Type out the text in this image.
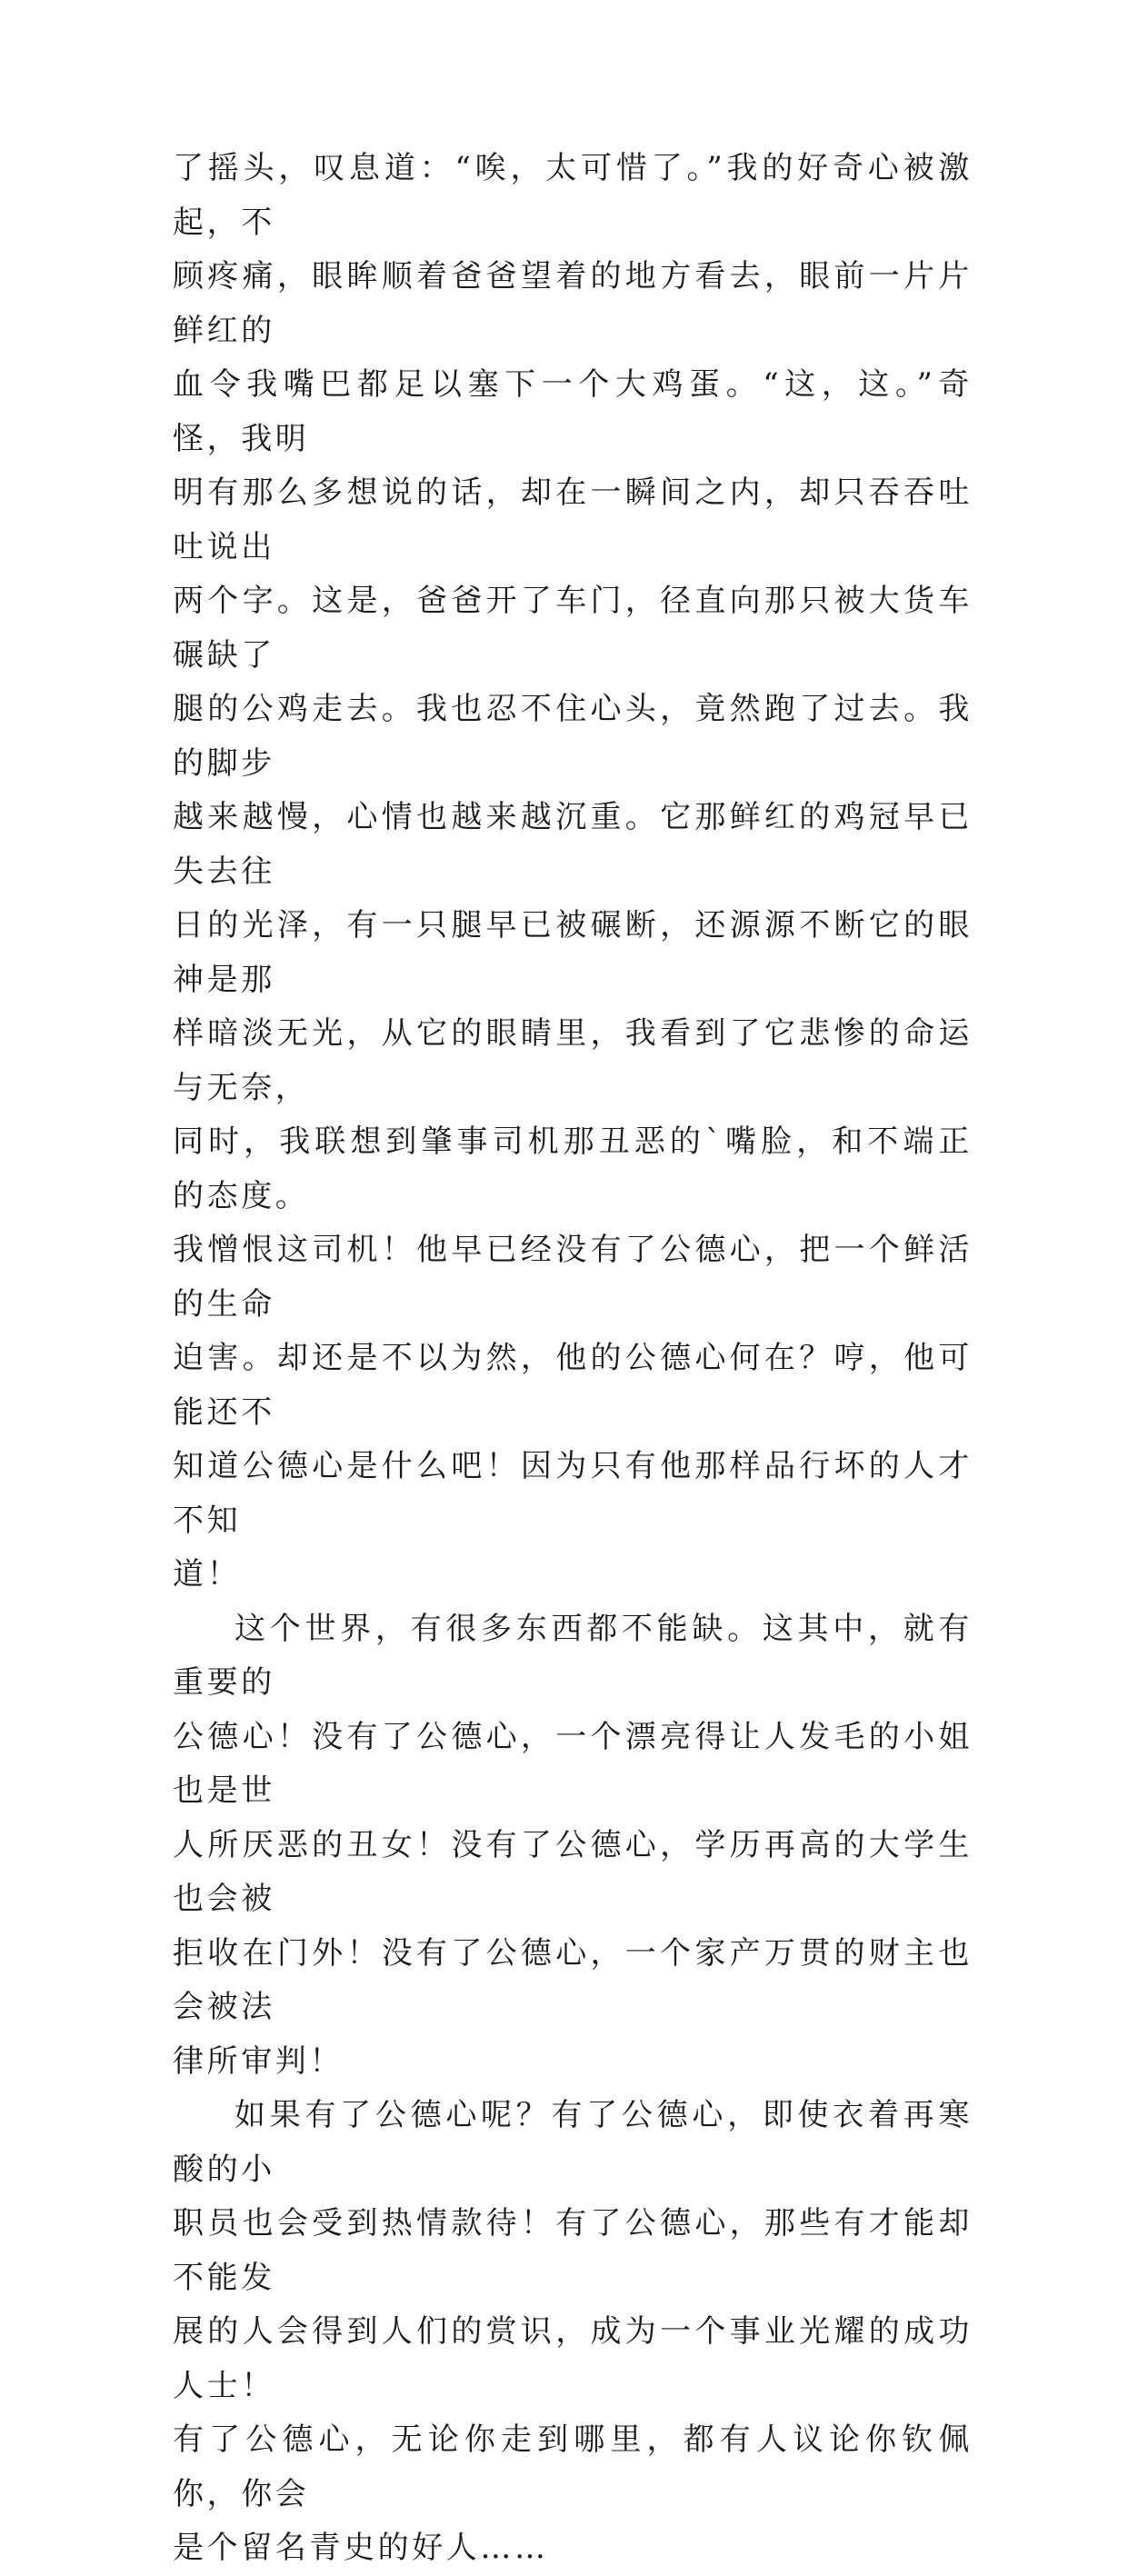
了摇头，叹息道：“唉，太可惜了。”我的好奇心被激起，不
顾疼痛，眼眸顺着爸爸望着的地方看去，眼前一片片鲜红的
血令我嘴巴都足以塞下一个大鸡蛋。“这，这。”奇怪，我明
明有那么多想说的话，却在一瞬间之内，却只吞吞吐吐说出
两个字。这是，爸爸开了车门，径直向那只被大货车碾缺了
腿的公鸡走去。我也忍不住心头，竟然跑了过去。我的脚步
越来越慢，心情也越来越沉重。它那鲜红的鸡冠早已失去往
日的光泽，有一只腿早已被碾断，还源源不断它的眼神是那
样暗淡无光，从它的眼睛里，我看到了它悲惨的命运与无奈，
同时，我联想到肇事司机那丑恶的`嘴脸，和不端正的态度。
我憎恨这司机！他早已经没有了公德心，把一个鲜活的生命
迫害。却还是不以为然，他的公德心何在？哼，他可能还不
知道公德心是什么吧！因为只有他那样品行坏的人才不知
道！
这个世界，有很多东西都不能缺。这其中，就有重要的
公德心！没有了公德心，一个漂亮得让人发毛的小姐也是世
人所厌恶的丑女！没有了公德心，学历再高的大学生也会被
拒收在门外！没有了公德心，一个家产万贯的财主也会被法
律所审判！
如果有了公德心呢？有了公德心，即使衣着再寒酸的小
职员也会受到热情款待！有了公德心，那些有才能却不能发
展的人会得到人们的赏识，成为一个事业光耀的成功人士！
有了公德心，无论你走到哪里，都有人议论你钦佩你，你会
是个留名青史的好人……
